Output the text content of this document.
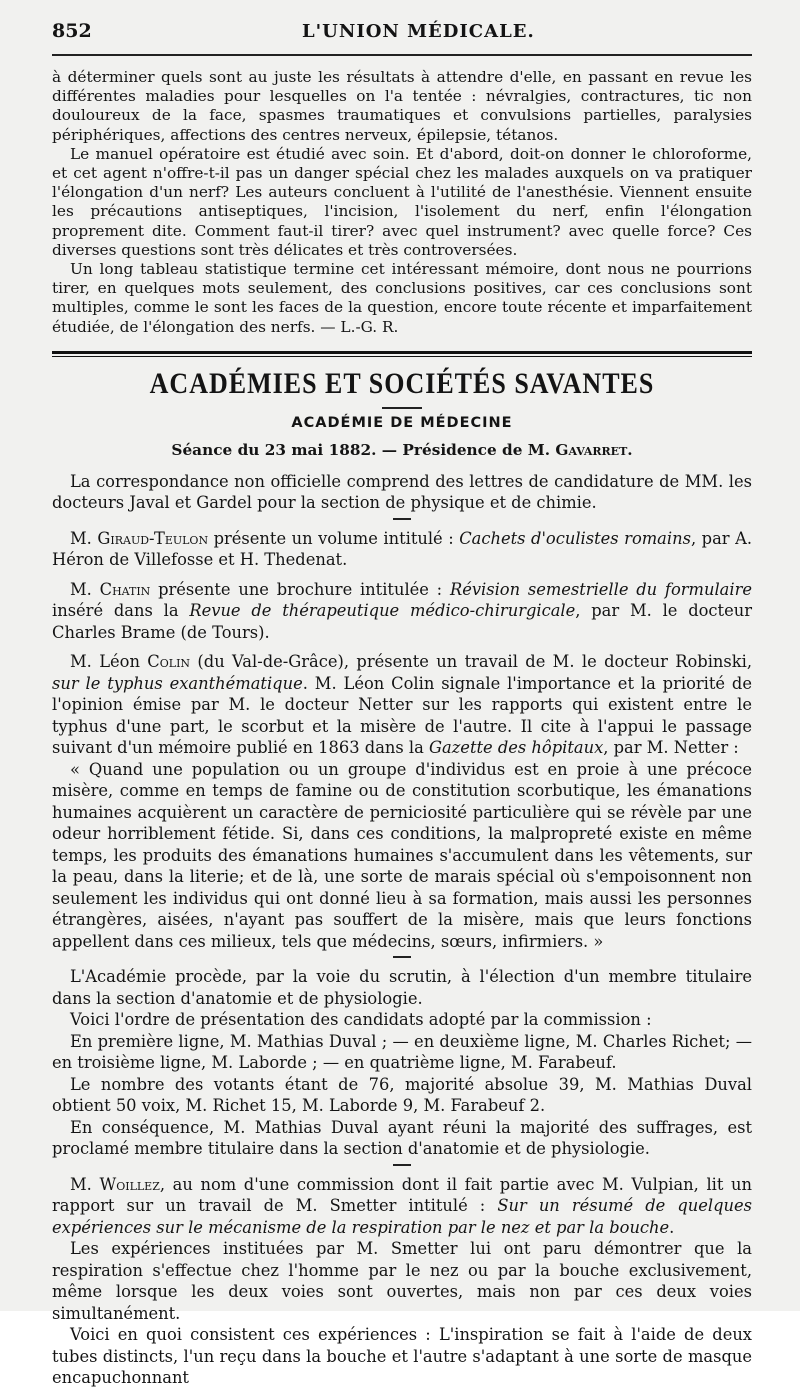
852	L'UNION MÉDICALE.

à déterminer quels sont au juste les résultats à attendre d'elle, en passant en revue les différentes maladies pour lesquelles on l'a tentée : névralgies, contractures, tic non douloureux de la face, spasmes traumatiques et convulsions partielles, paralysies périphériques, affections des centres nerveux, épilepsie, tétanos.

Le manuel opératoire est étudié avec soin. Et d'abord, doit-on donner le chloroforme, et cet agent n'offre-t-il pas un danger spécial chez les malades auxquels on va pratiquer l'élongation d'un nerf? Les auteurs concluent à l'utilité de l'anesthésie. Viennent ensuite les précautions antiseptiques, l'incision, l'isolement du nerf, enfin l'élongation proprement dite. Comment faut-il tirer? avec quel instrument? avec quelle force? Ces diverses questions sont très délicates et très controversées.

Un long tableau statistique termine cet intéressant mémoire, dont nous ne pourrions tirer, en quelques mots seulement, des conclusions positives, car ces conclusions sont multiples, comme le sont les faces de la question, encore toute récente et imparfaitement étudiée, de l'élongation des nerfs. — L.-G. R.

ACADÉMIES ET SOCIÉTÉS SAVANTES
ACADÉMIE DE MÉDECINE
Séance du 23 mai 1882. — Présidence de M. Gavarret.

La correspondance non officielle comprend des lettres de candidature de MM. les docteurs Javal et Gardel pour la section de physique et de chimie.

M. Giraud-Teulon présente un volume intitulé : Cachets d'oculistes romains, par A. Héron de Villefosse et H. Thedenat.

M. Chatin présente une brochure intitulée : Révision semestrielle du formulaire inséré dans la Revue de thérapeutique médico-chirurgicale, par M. le docteur Charles Brame (de Tours).

M. Léon Colin (du Val-de-Grâce), présente un travail de M. le docteur Robinski, sur le typhus exanthématique. M. Léon Colin signale l'importance et la priorité de l'opinion émise par M. le docteur Netter sur les rapports qui existent entre le typhus d'une part, le scorbut et la misère de l'autre. Il cite à l'appui le passage suivant d'un mémoire publié en 1863 dans la Gazette des hôpitaux, par M. Netter :

« Quand une population ou un groupe d'individus est en proie à une précoce misère, comme en temps de famine ou de constitution scorbutique, les émanations humaines acquièrent un caractère de perniciosité particulière qui se révèle par une odeur horriblement fétide. Si, dans ces conditions, la malpropreté existe en même temps, les produits des émanations humaines s'accumulent dans les vêtements, sur la peau, dans la literie; et de là, une sorte de marais spécial où s'empoisonnent non seulement les individus qui ont donné lieu à sa formation, mais aussi les personnes étrangères, aisées, n'ayant pas souffert de la misère, mais que leurs fonctions appellent dans ces milieux, tels que médecins, sœurs, infirmiers. »

L'Académie procède, par la voie du scrutin, à l'élection d'un membre titulaire dans la section d'anatomie et de physiologie.

Voici l'ordre de présentation des candidats adopté par la commission :

En première ligne, M. Mathias Duval ; — en deuxième ligne, M. Charles Richet; — en troisième ligne, M. Laborde ; — en quatrième ligne, M. Farabeuf.

Le nombre des votants étant de 76, majorité absolue 39, M. Mathias Duval obtient 50 voix, M. Richet 15, M. Laborde 9, M. Farabeuf 2.

En conséquence, M. Mathias Duval ayant réuni la majorité des suffrages, est proclamé membre titulaire dans la section d'anatomie et de physiologie.

M. Woillez, au nom d'une commission dont il fait partie avec M. Vulpian, lit un rapport sur un travail de M. Smetter intitulé : Sur un résumé de quelques expériences sur le mécanisme de la respiration par le nez et par la bouche.

Les expériences instituées par M. Smetter lui ont paru démontrer que la respiration s'effectue chez l'homme par le nez ou par la bouche exclusivement, même lorsque les deux voies sont ouvertes, mais non par ces deux voies simultanément.

Voici en quoi consistent ces expériences : L'inspiration se fait à l'aide de deux tubes distincts, l'un reçu dans la bouche et l'autre s'adaptant à une sorte de masque encapuchonnant
